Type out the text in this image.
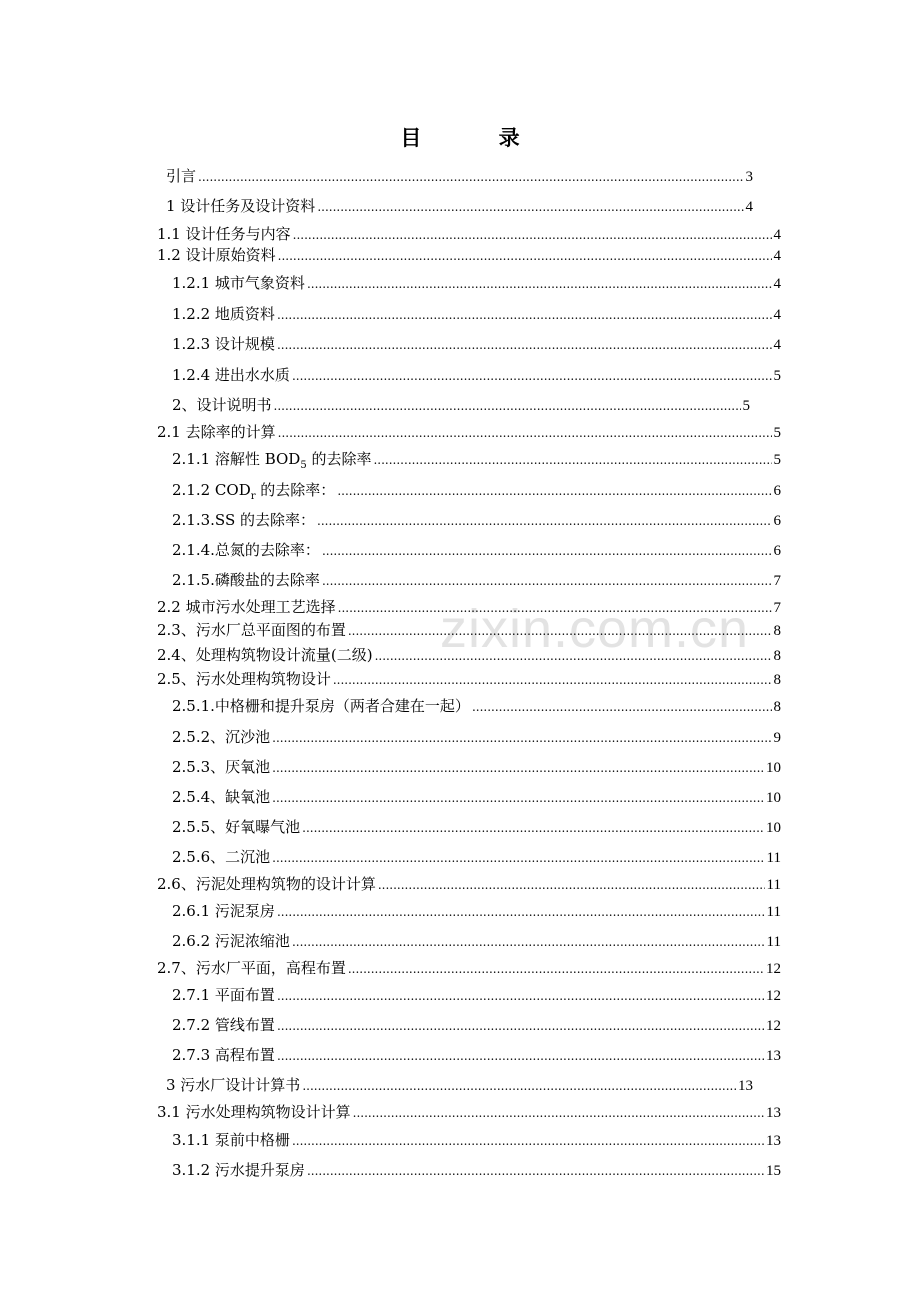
目	录
zixin.com.cn
引言 .....	3
1 设计任务及设计资料 .....	4
1.1 设计任务与内容 .....	4
1.2 设计原始资料 .....	4
1.2.1 城市气象资料 .....	4
1.2.2 地质资料 .....	4
1.2.3 设计规模 .....	4
1.2.4 进出水水质 .....	5
2、设计说明书 .....	5
2.1 去除率的计算 .....	5
2.1.1 溶解性 $BOD_5$ 的去除率 .....	5
2.1.2 $COD_r$ 的去除率： .....	6
2.1.3.SS 的去除率： .....	6
2.1.4.总氮的去除率： .....	6
2.1.5.磷酸盐的去除率 .....	7
2.2 城市污水处理工艺选择 .....	7
2.3、污水厂总平面图的布置 .....	8
2.4、处理构筑物设计流量(二级) .....	8
2.5、污水处理构筑物设计 .....	8
2.5.1.中格栅和提升泵房（两者合建在一起） .....	8
2.5.2、沉沙池 .....	9
2.5.3、厌氧池 .....	10
2.5.4、缺氧池 .....	10
2.5.5、好氧曝气池 .....	10
2.5.6、二沉池 .....	11
2.6、污泥处理构筑物的设计计算 .....	11
2.6.1 污泥泵房 .....	11
2.6.2 污泥浓缩池 .....	11
2.7、污水厂平面，高程布置 .....	12
2.7.1 平面布置 .....	12
2.7.2 管线布置 .....	12
2.7.3 高程布置 .....	13
3 污水厂设计计算书 .....	13
3.1 污水处理构筑物设计计算 .....	13
3.1.1 泵前中格栅 .....	13
3.1.2 污水提升泵房 .....	15
